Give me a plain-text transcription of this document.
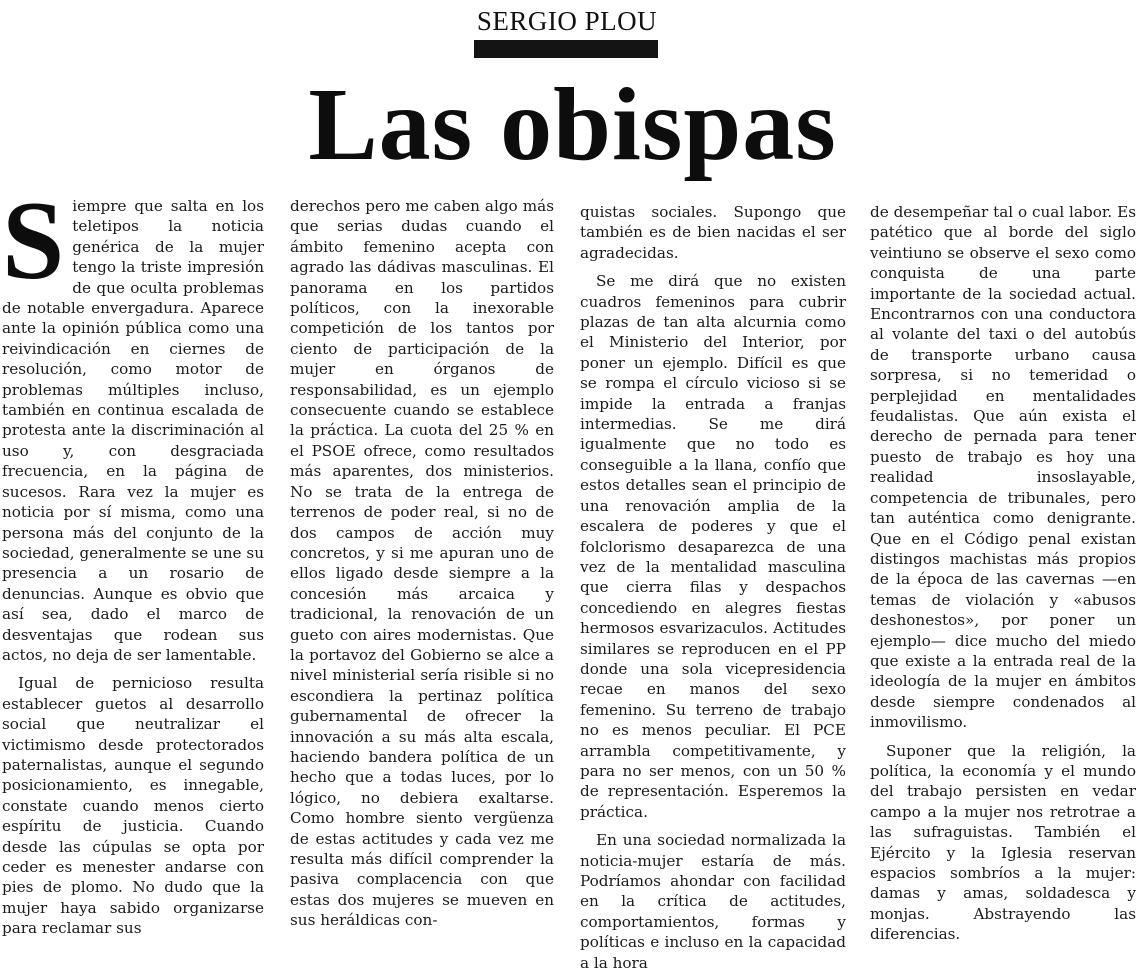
SERGIO PLOU
Las obispas
S iempre que salta en los teletipos la noticia genérica de la mujer tengo la triste impresión de que oculta problemas de notable envergadura. Aparece ante la opinión pública como una reivindicación en ciernes de resolución, como motor de problemas múltiples incluso, también en continua escalada de protesta ante la discriminación al uso y, con desgraciada frecuencia, en la página de sucesos. Rara vez la mujer es noticia por sí misma, como una persona más del conjunto de la sociedad, generalmente se une su presencia a un rosario de denuncias. Aunque es obvio que así sea, dado el marco de desventajas que rodean sus actos, no deja de ser lamentable.

Igual de pernicioso resulta establecer guetos al desarrollo social que neutralizar el victimismo desde protectorados paternalistas, aunque el segundo posicionamiento, es innegable, constate cuando menos cierto espíritu de justicia. Cuando desde las cúpulas se opta por ceder es menester andarse con pies de plomo. No dudo que la mujer haya sabido organizarse para reclamar sus

derechos pero me caben algo más que serias dudas cuando el ámbito femenino acepta con agrado las dádivas masculinas. El panorama en los partidos políticos, con la inexorable competición de los tantos por ciento de participación de la mujer en órganos de responsabilidad, es un ejemplo consecuente cuando se establece la práctica. La cuota del 25 % en el PSOE ofrece, como resultados más aparentes, dos ministerios. No se trata de la entrega de terrenos de poder real, si no de dos campos de acción muy concretos, y si me apuran uno de ellos ligado desde siempre a la concesión más arcaica y tradicional, la renovación de un gueto con aires modernistas. Que la portavoz del Gobierno se alce a nivel ministerial sería risible si no escondiera la pertinaz política gubernamental de ofrecer la innovación a su más alta escala, haciendo bandera política de un hecho que a todas luces, por lo lógico, no debiera exaltarse. Como hombre siento vergüenza de estas actitudes y cada vez me resulta más difícil comprender la pasiva complacencia con que estas dos mujeres se mueven en sus heráldicas con-

quistas sociales. Supongo que también es de bien nacidas el ser agradecidas.

Se me dirá que no existen cuadros femeninos para cubrir plazas de tan alta alcurnia como el Ministerio del Interior, por poner un ejemplo. Difícil es que se rompa el círculo vicioso si se impide la entrada a franjas intermedias. Se me dirá igualmente que no todo es conseguible a la llana, confío que estos detalles sean el principio de una renovación amplia de la escalera de poderes y que el folclorismo desaparezca de una vez de la mentalidad masculina que cierra filas y despachos concediendo en alegres fiestas hermosos esvarizaculos. Actitudes similares se reproducen en el PP donde una sola vicepresidencia recae en manos del sexo femenino. Su terreno de trabajo no es menos peculiar. El PCE arrambla competitivamente, y para no ser menos, con un 50 % de representación. Esperemos la práctica.

En una sociedad normalizada la noticia-mujer estaría de más. Podríamos ahondar con facilidad en la crítica de actitudes, comportamientos, formas y políticas e incluso en la capacidad a la hora

de desempeñar tal o cual labor. Es patético que al borde del siglo veintiuno se observe el sexo como conquista de una parte importante de la sociedad actual. Encontrarnos con una conductora al volante del taxi o del autobús de transporte urbano causa sorpresa, si no temeridad o perplejidad en mentalidades feudalistas. Que aún exista el derecho de pernada para tener puesto de trabajo es hoy una realidad insoslayable, competencia de tribunales, pero tan auténtica como denigrante. Que en el Código penal existan distingos machistas más propios de la época de las cavernas —en temas de violación y «abusos deshonestos», por poner un ejemplo— dice mucho del miedo que existe a la entrada real de la ideología de la mujer en ámbitos desde siempre condenados al inmovilismo.

Suponer que la religión, la política, la economía y el mundo del trabajo persisten en vedar campo a la mujer nos retrotrae a las sufraguistas. También el Ejército y la Iglesia reservan espacios sombríos a la mujer: damas y amas, soldadesca y monjas. Abstrayendo las diferencias.
